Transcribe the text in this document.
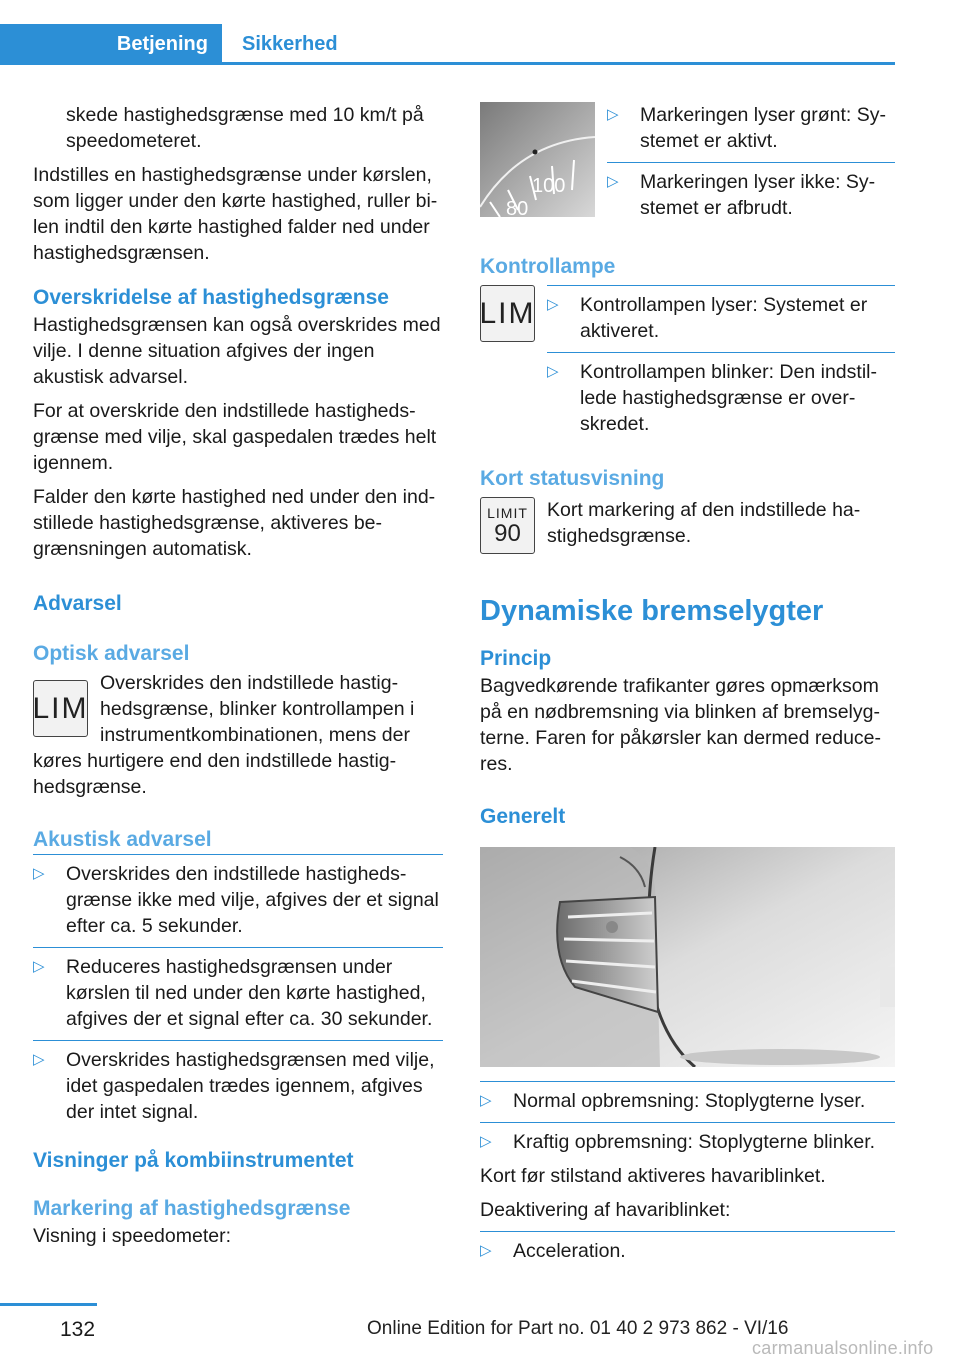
Betjening Sikkerhed

skede hastighedsgrænse med 10 km/t på speedometeret.

Indstilles en hastighedsgrænse under kørslen, som ligger under den kørte hastighed, ruller bi-len indtil den kørte hastighed falder ned under hastighedsgrænsen.

Overskridelse af hastighedsgrænse

Hastighedsgrænsen kan også overskrides med vilje. I denne situation afgives der ingen akustisk advarsel.

For at overskride den indstillede hastigheds-grænse med vilje, skal gaspedalen trædes helt igennem.

Falder den kørte hastighed ned under den ind-stillede hastighedsgrænse, aktiveres be-grænsningen automatisk.

Advarsel
Optisk advarsel
LIM

Overskrides den indstillede hastig-hedsgrænse, blinker kontrollampen i instrumentkombinationen, mens der køres hurtigere end den indstillede hastig-hedsgrænse.

Akustisk advarsel
▷	Overskrides den indstillede hastigheds-grænse ikke med vilje, afgives der et signal efter ca. 5 sekunder.
▷	Reduceres hastighedsgrænsen under kørslen til ned under den kørte hastighed, afgives der et signal efter ca. 30 sekunder.
▷	Overskrides hastighedsgrænsen med vilje, idet gaspedalen trædes igennem, afgives der intet signal.
Visninger på kombiinstrumentet
Markering af hastighedsgrænse

Visning i speedometer:

100
80
▷	Markeringen lyser grønt: Sy-stemet er aktivt.
▷	Markeringen lyser ikke: Sy-stemet er afbrudt.
Kontrollampe
LIM ▷	Kontrollampen lyser: Systemet er aktiveret.
▷	Kontrollampen blinker: Den indstil-lede hastighedsgrænse er over-skredet.
Kort statusvisning
LIMIT
90

Kort markering af den indstillede ha-stighedsgrænse.

Dynamiske bremselygter
Princip

Bagvedkørende trafikanter gøres opmærksom på en nødbremsning via blinken af bremselyg-terne. Faren for påkørsler kan dermed reduce-res.

Generelt
▷	Normal opbremsning: Stoplygterne lyser.
▷	Kraftig opbremsning: Stoplygterne blinker.

Kort før stilstand aktiveres havariblinket.

Deaktivering af havariblinket:

▷	Acceleration.
132	Online Edition for Part no. 01 40 2 973 862 - VI/16
carmanualsonline.info
